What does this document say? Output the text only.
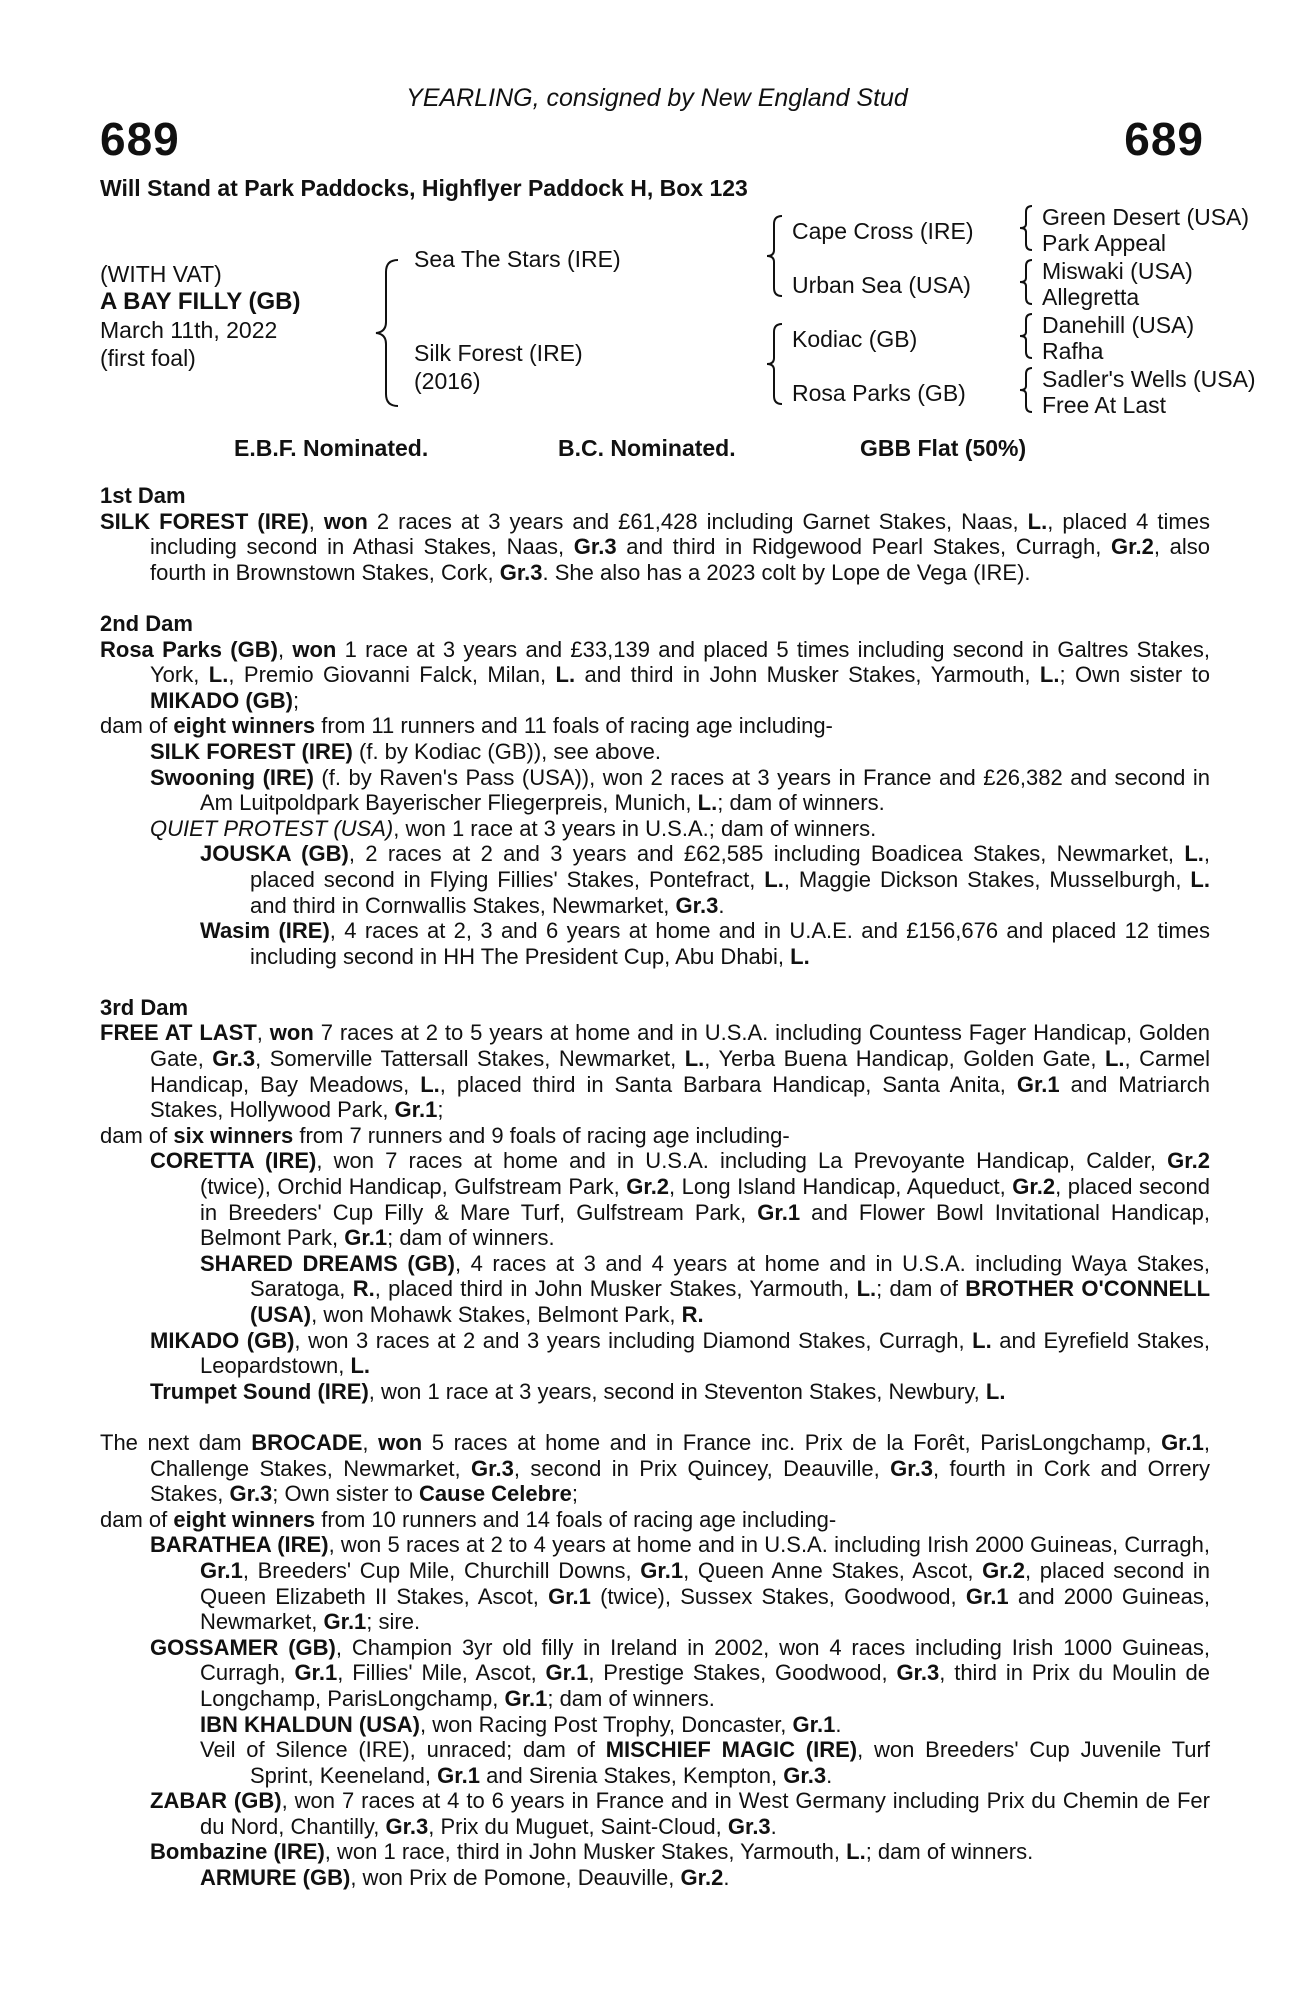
YEARLING, consigned by New England Stud
689	689
Will Stand at Park Paddocks, Highflyer Paddock H, Box 123
(WITH VAT)
A BAY FILLY (GB)
March 11th, 2022
(first foal)
Sea The Stars (IRE)
Silk Forest (IRE)
(2016)
Cape Cross (IRE)
Urban Sea (USA)
Kodiac (GB)
Rosa Parks (GB)
Green Desert (USA)
Park Appeal
Miswaki (USA)
Allegretta
Danehill (USA)
Rafha
Sadler's Wells (USA)
Free At Last
E.B.F. Nominated.	B.C. Nominated.	GBB Flat (50%)
1st Dam
SILK FOREST (IRE), won 2 races at 3 years and £61,428 including Garnet Stakes, Naas, L., placed 4 times including second in Athasi Stakes, Naas, Gr.3 and third in Ridgewood Pearl Stakes, Curragh, Gr.2, also fourth in Brownstown Stakes, Cork, Gr.3. She also has a 2023 colt by Lope de Vega (IRE).
2nd Dam
Rosa Parks (GB), won 1 race at 3 years and £33,139 and placed 5 times including second in Galtres Stakes, York, L., Premio Giovanni Falck, Milan, L. and third in John Musker Stakes, Yarmouth, L.; Own sister to MIKADO (GB);
dam of eight winners from 11 runners and 11 foals of racing age including-
SILK FOREST (IRE) (f. by Kodiac (GB)), see above.
Swooning (IRE) (f. by Raven's Pass (USA)), won 2 races at 3 years in France and £26,382 and second in Am Luitpoldpark Bayerischer Fliegerpreis, Munich, L.; dam of winners.
QUIET PROTEST (USA), won 1 race at 3 years in U.S.A.; dam of winners.
JOUSKA (GB), 2 races at 2 and 3 years and £62,585 including Boadicea Stakes, Newmarket, L., placed second in Flying Fillies' Stakes, Pontefract, L., Maggie Dickson Stakes, Musselburgh, L. and third in Cornwallis Stakes, Newmarket, Gr.3.
Wasim (IRE), 4 races at 2, 3 and 6 years at home and in U.A.E. and £156,676 and placed 12 times including second in HH The President Cup, Abu Dhabi, L.
3rd Dam
FREE AT LAST, won 7 races at 2 to 5 years at home and in U.S.A. including Countess Fager Handicap, Golden Gate, Gr.3, Somerville Tattersall Stakes, Newmarket, L., Yerba Buena Handicap, Golden Gate, L., Carmel Handicap, Bay Meadows, L., placed third in Santa Barbara Handicap, Santa Anita, Gr.1 and Matriarch Stakes, Hollywood Park, Gr.1;
dam of six winners from 7 runners and 9 foals of racing age including-
CORETTA (IRE), won 7 races at home and in U.S.A. including La Prevoyante Handicap, Calder, Gr.2 (twice), Orchid Handicap, Gulfstream Park, Gr.2, Long Island Handicap, Aqueduct, Gr.2, placed second in Breeders' Cup Filly & Mare Turf, Gulfstream Park, Gr.1 and Flower Bowl Invitational Handicap, Belmont Park, Gr.1; dam of winners.
SHARED DREAMS (GB), 4 races at 3 and 4 years at home and in U.S.A. including Waya Stakes, Saratoga, R., placed third in John Musker Stakes, Yarmouth, L.; dam of BROTHER O'CONNELL (USA), won Mohawk Stakes, Belmont Park, R.
MIKADO (GB), won 3 races at 2 and 3 years including Diamond Stakes, Curragh, L. and Eyrefield Stakes, Leopardstown, L.
Trumpet Sound (IRE), won 1 race at 3 years, second in Steventon Stakes, Newbury, L.
The next dam BROCADE, won 5 races at home and in France inc. Prix de la Forêt, ParisLongchamp, Gr.1, Challenge Stakes, Newmarket, Gr.3, second in Prix Quincey, Deauville, Gr.3, fourth in Cork and Orrery Stakes, Gr.3; Own sister to Cause Celebre;
dam of eight winners from 10 runners and 14 foals of racing age including-
BARATHEA (IRE), won 5 races at 2 to 4 years at home and in U.S.A. including Irish 2000 Guineas, Curragh, Gr.1, Breeders' Cup Mile, Churchill Downs, Gr.1, Queen Anne Stakes, Ascot, Gr.2, placed second in Queen Elizabeth II Stakes, Ascot, Gr.1 (twice), Sussex Stakes, Goodwood, Gr.1 and 2000 Guineas, Newmarket, Gr.1; sire.
GOSSAMER (GB), Champion 3yr old filly in Ireland in 2002, won 4 races including Irish 1000 Guineas, Curragh, Gr.1, Fillies' Mile, Ascot, Gr.1, Prestige Stakes, Goodwood, Gr.3, third in Prix du Moulin de Longchamp, ParisLongchamp, Gr.1; dam of winners.
IBN KHALDUN (USA), won Racing Post Trophy, Doncaster, Gr.1.
Veil of Silence (IRE), unraced; dam of MISCHIEF MAGIC (IRE), won Breeders' Cup Juvenile Turf Sprint, Keeneland, Gr.1 and Sirenia Stakes, Kempton, Gr.3.
ZABAR (GB), won 7 races at 4 to 6 years in France and in West Germany including Prix du Chemin de Fer du Nord, Chantilly, Gr.3, Prix du Muguet, Saint-Cloud, Gr.3.
Bombazine (IRE), won 1 race, third in John Musker Stakes, Yarmouth, L.; dam of winners.
ARMURE (GB), won Prix de Pomone, Deauville, Gr.2.
